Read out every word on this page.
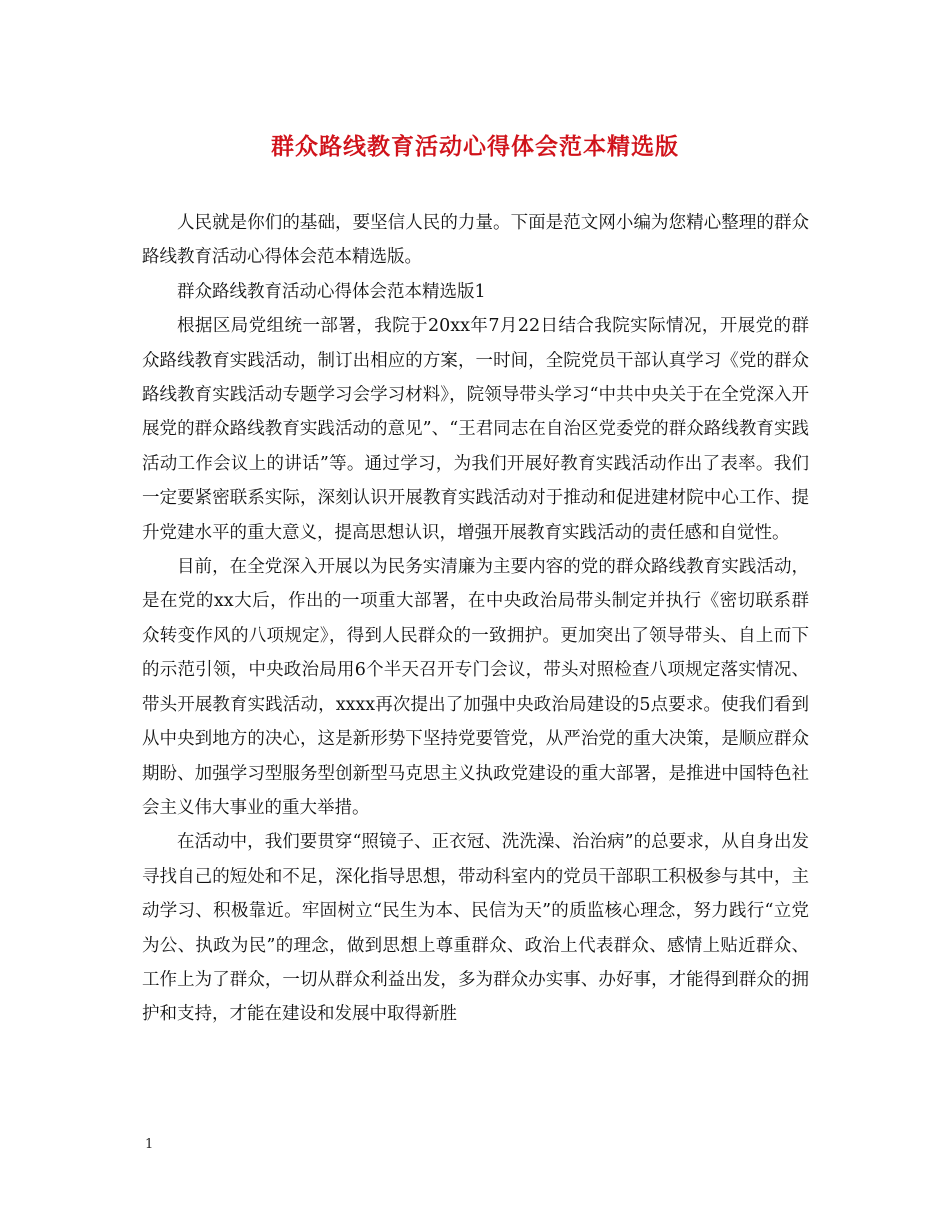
群众路线教育活动心得体会范本精选版

人民就是你们的基础，要坚信人民的力量。下面是范文网小编为您精心整理的群众路线教育活动心得体会范本精选版。

群众路线教育活动心得体会范本精选版1

根据区局党组统一部署，我院于20xx年7月22日结合我院实际情况，开展党的群众路线教育实践活动，制订出相应的方案，一时间，全院党员干部认真学习《党的群众路线教育实践活动专题学习会学习材料》，院领导带头学习“中共中央关于在全党深入开展党的群众路线教育实践活动的意见”、“王君同志在自治区党委党的群众路线教育实践活动工作会议上的讲话”等。通过学习，为我们开展好教育实践活动作出了表率。我们一定要紧密联系实际，深刻认识开展教育实践活动对于推动和促进建材院中心工作、提升党建水平的重大意义，提高思想认识，增强开展教育实践活动的责任感和自觉性。

目前，在全党深入开展以为民务实清廉为主要内容的党的群众路线教育实践活动，是在党的xx大后，作出的一项重大部署，在中央政治局带头制定并执行《密切联系群众转变作风的八项规定》，得到人民群众的一致拥护。更加突出了领导带头、自上而下的示范引领，中央政治局用6个半天召开专门会议，带头对照检查八项规定落实情况、带头开展教育实践活动，xxxx再次提出了加强中央政治局建设的5点要求。使我们看到从中央到地方的决心，这是新形势下坚持党要管党，从严治党的重大决策，是顺应群众期盼、加强学习型服务型创新型马克思主义执政党建设的重大部署，是推进中国特色社会主义伟大事业的重大举措。

在活动中，我们要贯穿“照镜子、正衣冠、洗洗澡、治治病”的总要求，从自身出发寻找自己的短处和不足，深化指导思想，带动科室内的党员干部职工积极参与其中，主动学习、积极靠近。牢固树立“民生为本、民信为天”的质监核心理念，努力践行“立党为公、执政为民”的理念，做到思想上尊重群众、政治上代表群众、感情上贴近群众、工作上为了群众，一切从群众利益出发，多为群众办实事、办好事，才能得到群众的拥护和支持，才能在建设和发展中取得新胜

1
